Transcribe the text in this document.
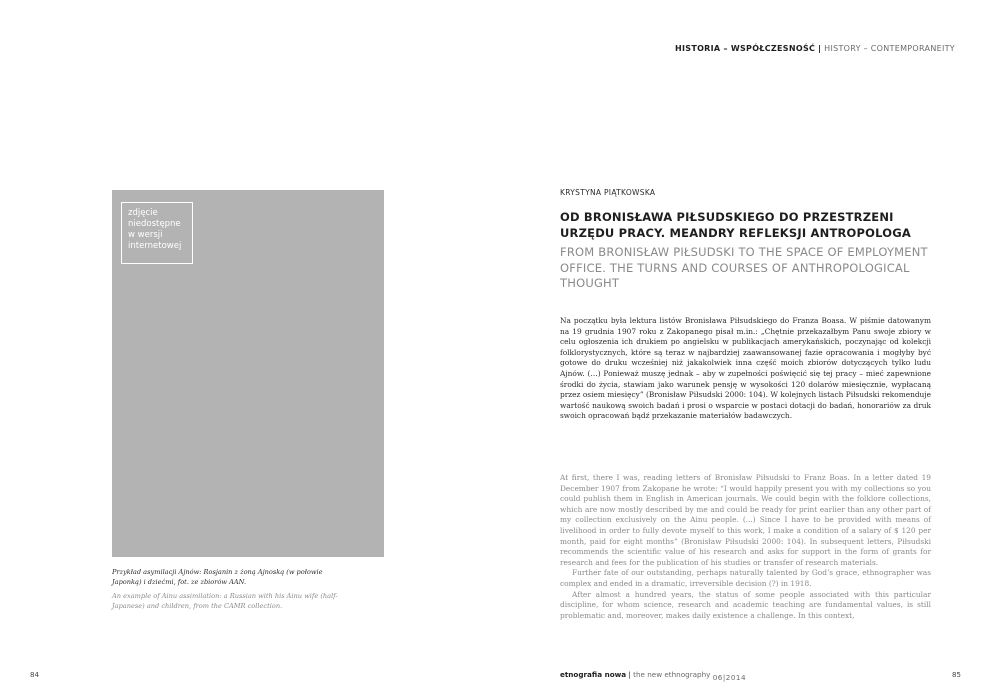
HISTORIA – WSPÓŁCZESNOŚĆ | HISTORY – CONTEMPORANEITY
zdjęcie niedostępne w wersji internetowej
Przykład asymilacji Ajnów: Rosjanin z żoną Ajnoską (w połowie Japonką) i dziećmi, fot. ze zbiorów AAN.
An example of Ainu assimilation: a Russian with his Ainu wife (half-Japanese) and children, from the CAMR collection.
KRYSTYNA PIĄTKOWSKA
OD BRONISŁAWA PIŁSUDSKIEGO DO PRZESTRZENI URZĘDU PRACY. MEANDRY REFLEKSJI ANTROPOLOGA
FROM BRONISŁAW PIŁSUDSKI TO THE SPACE OF EMPLOYMENT OFFICE. THE TURNS AND COURSES OF ANTHROPOLOGICAL THOUGHT
Na początku była lektura listów Bronisława Piłsudskiego do Franza Boasa. W piśmie datowanym na 19 grudnia 1907 roku z Zakopanego pisał m.in.: „Chętnie przekazałbym Panu swoje zbiory w celu ogłoszenia ich drukiem po angielsku w publikacjach amerykańskich, poczynając od kolekcji folklorystycznych, które są teraz w najbardziej zaawansowanej fazie opracowania i mogłyby być gotowe do druku wcześniej niż jakakolwiek inna część moich zbiorów dotyczących tylko ludu Ajnów. (…) Ponieważ muszę jednak – aby w zupełności poświęcić się tej pracy – mieć zapewnione środki do życia, stawiam jako warunek pensję w wysokości 120 dolarów miesięcznie, wypłacaną przez osiem miesięcy” (Bronisław Piłsudski 2000: 104). W kolejnych listach Piłsudski rekomenduje wartość naukową swoich badań i prosi o wsparcie w postaci dotacji do badań, honorariów za druk swoich opracowań bądź przekazanie materiałów badawczych.

At first, there I was, reading letters of Bronisław Piłsudski to Franz Boas. In a letter dated 19 December 1907 from Zakopane he wrote: “I would happily present you with my collections so you could publish them in English in American journals. We could begin with the folklore collections, which are now mostly described by me and could be ready for print earlier than any other part of my collection exclusively on the Ainu people. (...) Since I have to be provided with means of livelihood in order to fully devote myself to this work, I make a condition of a salary of $ 120 per month, paid for eight months” (Bronisław Piłsudski 2000: 104). In subsequent letters, Piłsudski recommends the scientific value of his research and asks for support in the form of grants for research and fees for the publication of his studies or transfer of research materials.

Further fate of our outstanding, perhaps naturally talented by God’s grace, ethnographer was complex and ended in a dramatic, irreversible decision (?) in 1918.

After almost a hundred years, the status of some people associated with this particular discipline, for whom science, research and academic teaching are fundamental values, is still problematic and, moreover, makes daily existence a challenge. In this context,

84	85
etnografia nowa | the new ethnography 06|2014
